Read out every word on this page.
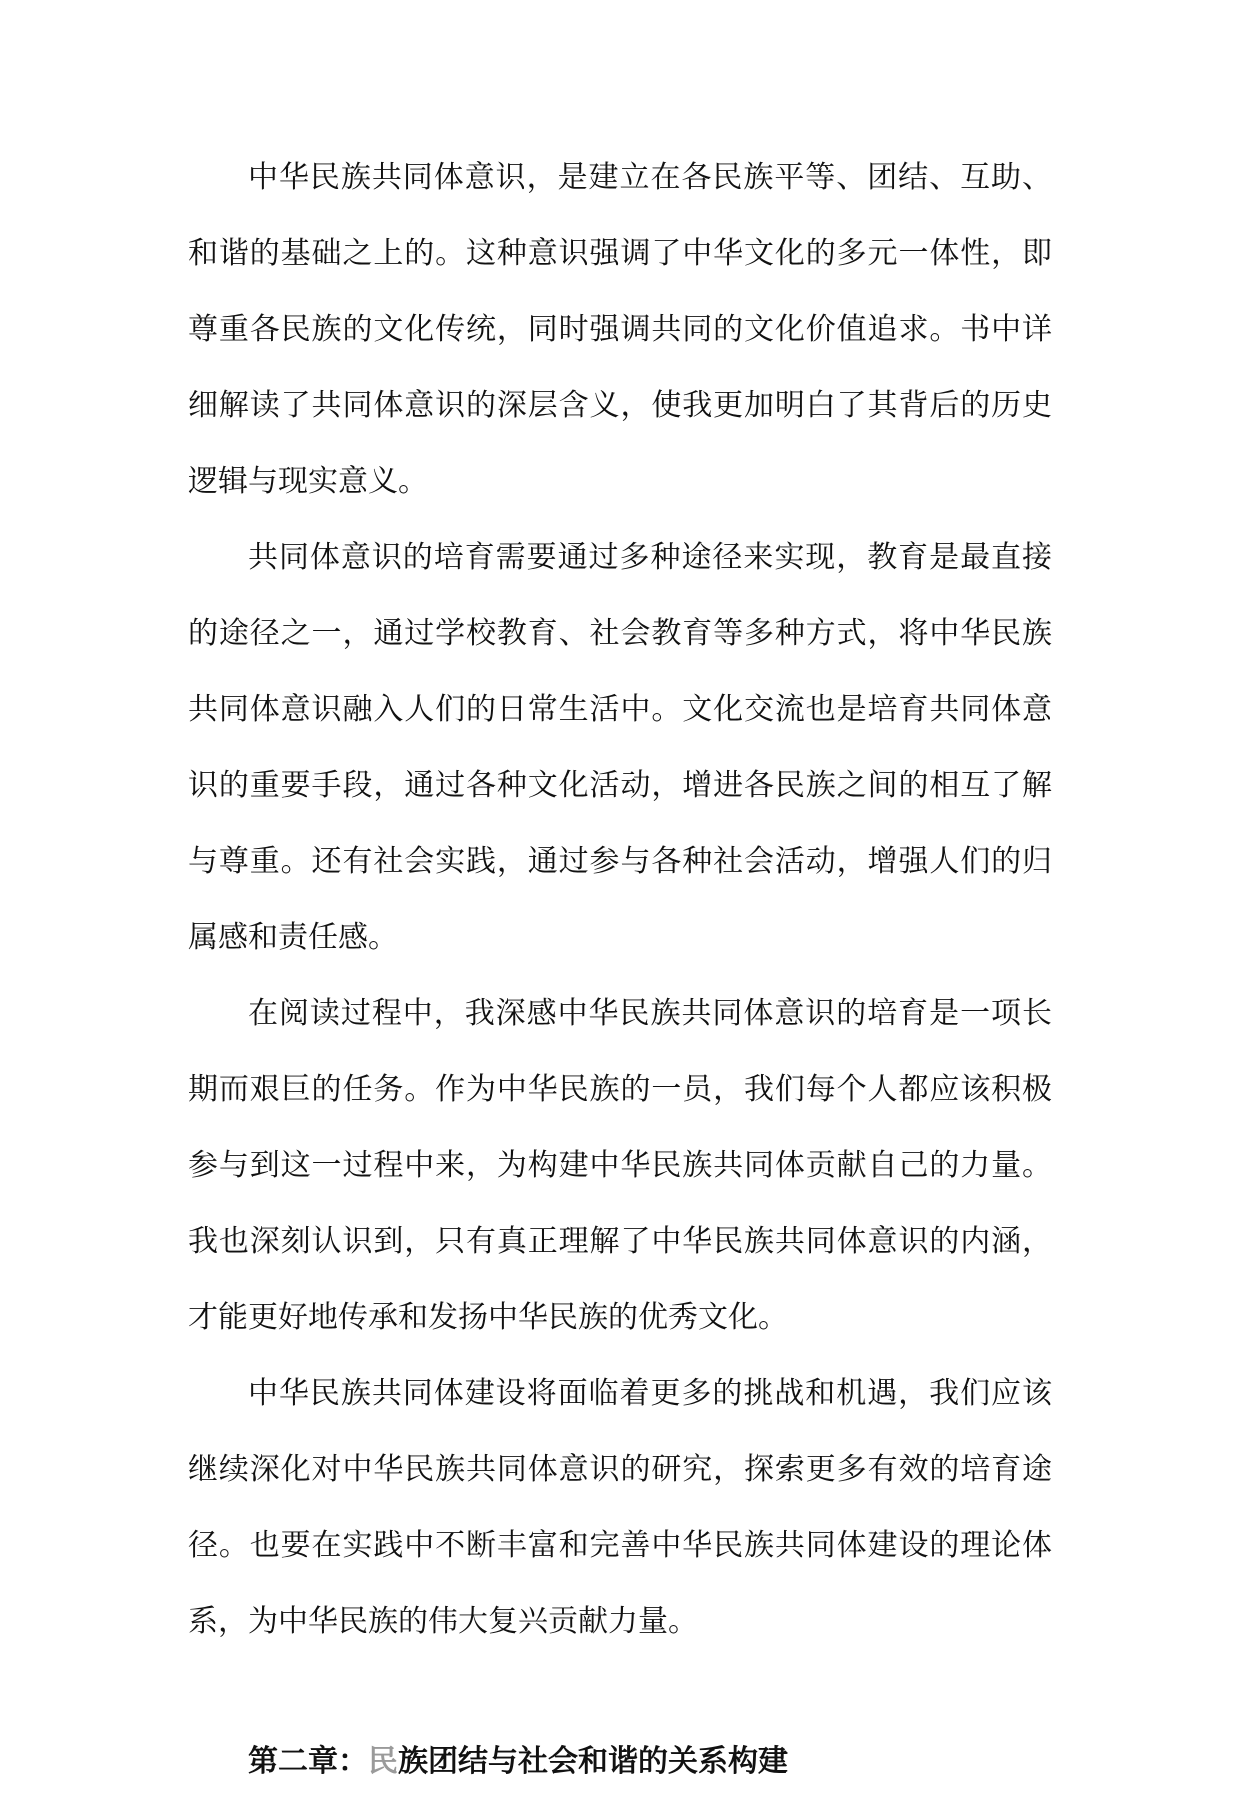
中华民族共同体意识，是建立在各民族平等、团结、互助、和谐的基础之上的。这种意识强调了中华文化的多元一体性，即尊重各民族的文化传统，同时强调共同的文化价值追求。书中详细解读了共同体意识的深层含义，使我更加明白了其背后的历史逻辑与现实意义。

共同体意识的培育需要通过多种途径来实现，教育是最直接的途径之一，通过学校教育、社会教育等多种方式，将中华民族共同体意识融入人们的日常生活中。文化交流也是培育共同体意识的重要手段，通过各种文化活动，增进各民族之间的相互了解与尊重。还有社会实践，通过参与各种社会活动，增强人们的归属感和责任感。

在阅读过程中，我深感中华民族共同体意识的培育是一项长期而艰巨的任务。作为中华民族的一员，我们每个人都应该积极参与到这一过程中来，为构建中华民族共同体贡献自己的力量。我也深刻认识到，只有真正理解了中华民族共同体意识的内涵，才能更好地传承和发扬中华民族的优秀文化。

中华民族共同体建设将面临着更多的挑战和机遇，我们应该继续深化对中华民族共同体意识的研究，探索更多有效的培育途径。也要在实践中不断丰富和完善中华民族共同体建设的理论体系，为中华民族的伟大复兴贡献力量。

第二章：民族团结与社会和谐的关系构建
